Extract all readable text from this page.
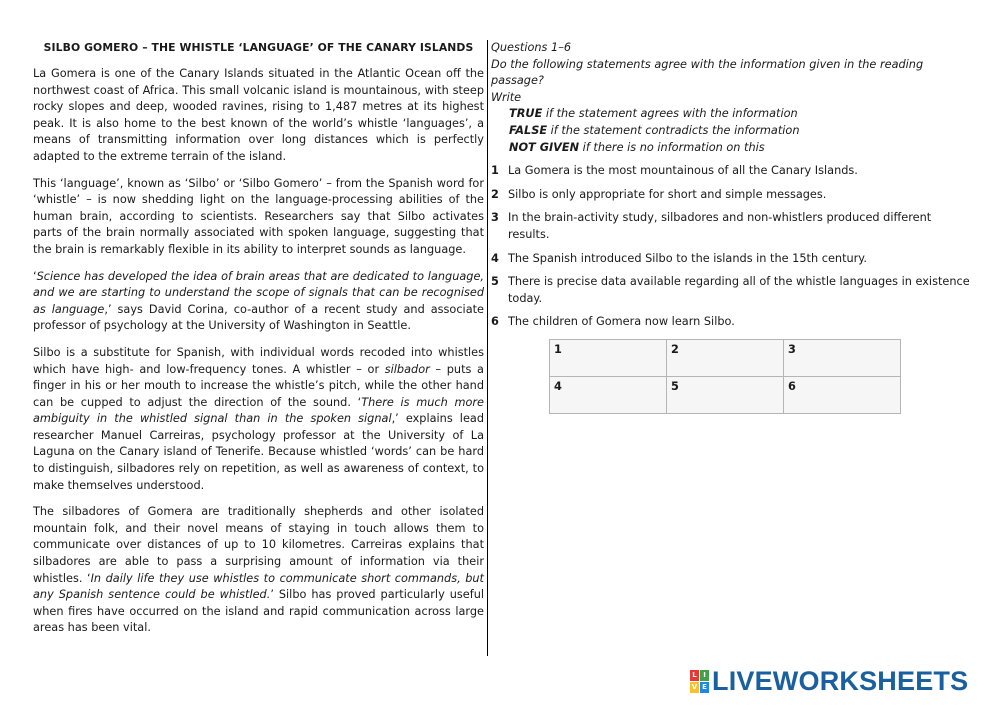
SILBO GOMERO – THE WHISTLE ‘LANGUAGE’ OF THE CANARY ISLANDS

La Gomera is one of the Canary Islands situated in the Atlantic Ocean off the northwest coast of Africa. This small volcanic island is mountainous, with steep rocky slopes and deep, wooded ravines, rising to 1,487 metres at its highest peak. It is also home to the best known of the world’s whistle ‘languages’, a means of transmitting information over long distances which is perfectly adapted to the extreme terrain of the island.

This ‘language’, known as ‘Silbo’ or ‘Silbo Gomero’ – from the Spanish word for ‘whistle’ – is now shedding light on the language-processing abilities of the human brain, according to scientists. Researchers say that Silbo activates parts of the brain normally associated with spoken language, suggesting that the brain is remarkably flexible in its ability to interpret sounds as language.

‘Science has developed the idea of brain areas that are dedicated to language, and we are starting to understand the scope of signals that can be recognised as language,’ says David Corina, co-author of a recent study and associate professor of psychology at the University of Washington in Seattle.

Silbo is a substitute for Spanish, with individual words recoded into whistles which have high- and low-frequency tones. A whistler – or silbador – puts a finger in his or her mouth to increase the whistle’s pitch, while the other hand can be cupped to adjust the direction of the sound. ‘There is much more ambiguity in the whistled signal than in the spoken signal,’ explains lead researcher Manuel Carreiras, psychology professor at the University of La Laguna on the Canary island of Tenerife. Because whistled ‘words’ can be hard to distinguish, silbadores rely on repetition, as well as awareness of context, to make themselves understood.

The silbadores of Gomera are traditionally shepherds and other isolated mountain folk, and their novel means of staying in touch allows them to communicate over distances of up to 10 kilometres. Carreiras explains that silbadores are able to pass a surprising amount of information via their whistles. ‘In daily life they use whistles to communicate short commands, but any Spanish sentence could be whistled.’ Silbo has proved particularly useful when fires have occurred on the island and rapid communication across large areas has been vital.

Questions 1–6

Do the following statements agree with the information given in the reading passage?

Write

TRUE if the statement agrees with the information

FALSE if the statement contradicts the information

NOT GIVEN if there is no information on this

1 La Gomera is the most mountainous of all the Canary Islands.
2 Silbo is only appropriate for short and simple messages.
3 In the brain-activity study, silbadores and non-whistlers produced different results.
4 The Spanish introduced Silbo to the islands in the 15th century.
5 There is precise data available regarding all of the whistle languages in existence today.
6 The children of Gomera now learn Silbo.
1	2	3
4	5	6
L I
V E LIVEWORKSHEETS
